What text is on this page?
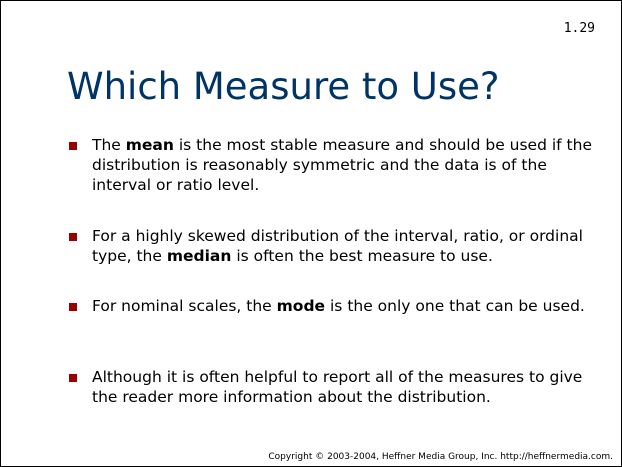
1.29
Which Measure to Use?
The mean is the most stable measure and should be used if the distribution is reasonably symmetric and the data is of the interval or ratio level.
For a highly skewed distribution of the interval, ratio, or ordinal type, the median is often the best measure to use.
For nominal scales, the mode is the only one that can be used.
Although it is often helpful to report all of the measures to give the reader more information about the distribution.
Copyright © 2003-2004, Heffner Media Group, Inc. http://heffnermedia.com.
